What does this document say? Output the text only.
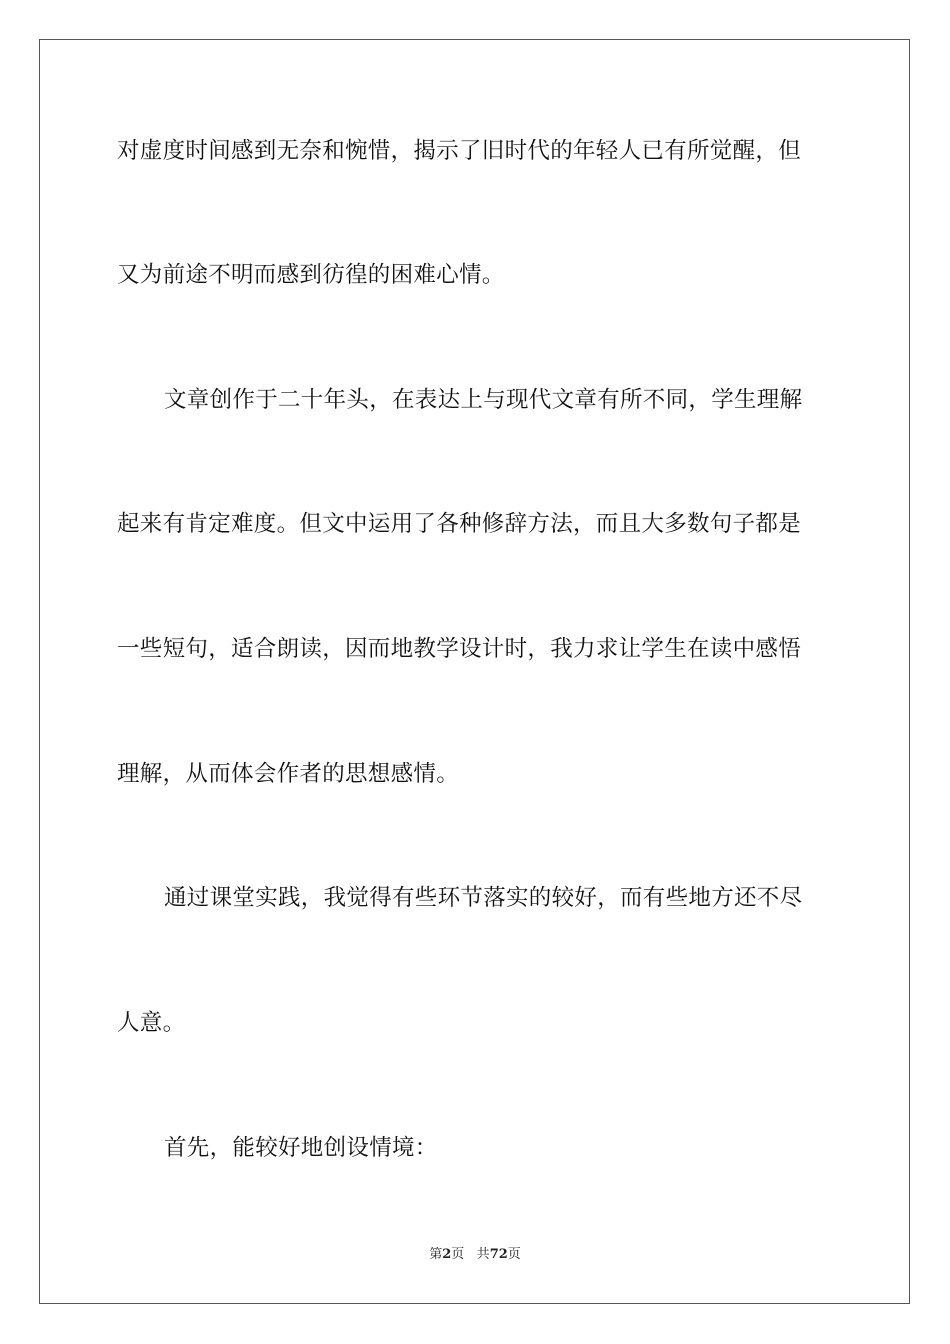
对虚度时间感到无奈和惋惜，揭示了旧时代的年轻人已有所觉醒，但
又为前途不明而感到彷徨的困难心情。
文章创作于二十年头，在表达上与现代文章有所不同，学生理解
起来有肯定难度。但文中运用了各种修辞方法，而且大多数句子都是
一些短句，适合朗读，因而地教学设计时，我力求让学生在读中感悟
理解，从而体会作者的思想感情。
通过课堂实践，我觉得有些环节落实的较好，而有些地方还不尽
人意。
首先，能较好地创设情境：
第2页 共72页
